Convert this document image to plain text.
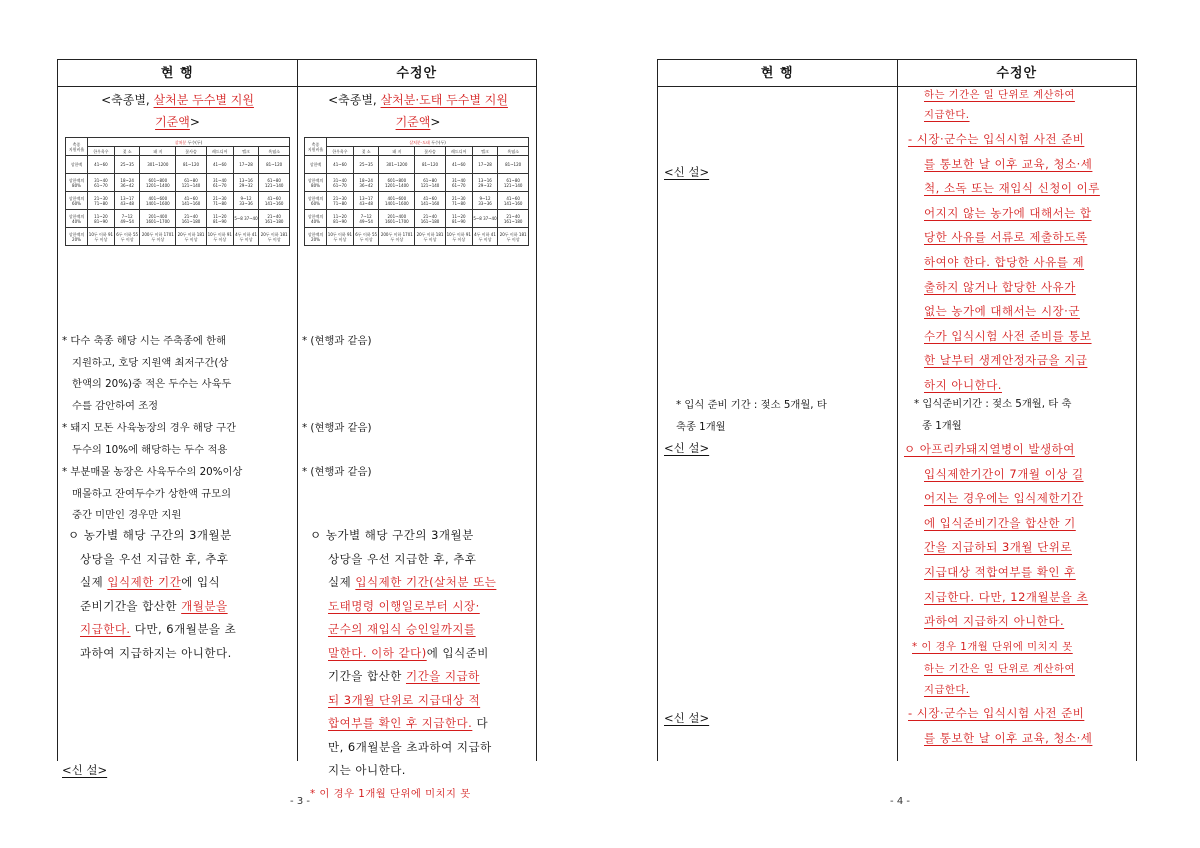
현 행	수정안
<축종별, 살처분 두수별 지원
기준액>
축종
지원비율	살처분 두수(두)						
	한우육우	젖 소	돼 지	꽃사슴	레드디어	엘크	흑염소
상한액	41~60	25~35	301~1200	81~120	41~60	17~28	81~120
상한액의 80%	31~40 61~70	18~24 36~42	601~800 1201~1400	61~80 121~140	31~40 61~70	13~16 29~32	61~80 121~140
상한액의 60%	21~30 71~80	13~17 43~48	401~600 1401~1600	41~60 141~160	21~30 71~80	9~12 33~36	41~60 141~160
상한액의 40%	11~20 81~90	7~12 49~54	201~400 1601~1700	21~40 161~180	11~20 81~90	5~8 37~40	21~40 161~180
상한액의 20%	10두 이하 91두 이상	6두 이하 55두 이상	200두 이하 1701두 이상	20두 이하 181두 이상	10두 이하 91두 이상	4두 이하 41두 이상	20두 이하 181두 이상
* 다수 축종 해당 시는 주축종에 한해
지원하고, 호당 지원액 최저구간(상
한액의 20%)중 적은 두수는 사육두
수를 감안하여 조정
* 돼지 모돈 사육농장의 경우 해당 구간
두수의 10%에 해당하는 두수 적용
* 부분매몰 농장은 사육두수의 20%이상
매몰하고 잔여두수가 상한액 규모의
중간 미만인 경우만 지원
ㅇ 농가별 해당 구간의 3개월분
상당을 우선 지급한 후, 추후
실제 입식제한 기간에 입식
준비기간을 합산한 개월분을
지급한다. 다만, 6개월분을 초
과하여 지급하지는 아니한다.
<신 설>
<축종별, 살처분·도태 두수별 지원
기준액>
축종
지원비율	살처분·도태 두수(두)						
	한우육우	젖 소	돼 지	꽃사슴	레드디어	엘크	흑염소
상한액	41~60	25~35	301~1200	81~120	41~60	17~28	81~120
상한액의 80%	31~40 61~70	18~24 36~42	601~800 1201~1400	61~80 121~140	31~40 61~70	13~16 29~32	61~80 121~140
상한액의 60%	21~30 71~80	13~17 43~48	401~600 1401~1600	41~60 141~160	21~30 71~80	9~12 33~36	41~60 141~160
상한액의 40%	11~20 81~90	7~12 49~54	201~400 1601~1700	21~40 161~180	11~20 81~90	5~8 37~40	21~40 161~180
상한액의 20%	10두 이하 91두 이상	6두 이하 55두 이상	200두 이하 1701두 이상	20두 이하 181두 이상	10두 이하 91두 이상	4두 이하 41두 이상	20두 이하 181두 이상
* (현행과 같음)
* (현행과 같음)
* (현행과 같음)
ㅇ 농가별 해당 구간의 3개월분
상당을 우선 지급한 후, 추후
실제 입식제한 기간(살처분 또는
도태명령 이행일로부터 시장·
군수의 재입식 승인일까지를
말한다. 이하 같다)에 입식준비
기간을 합산한 기간을 지급하
되 3개월 단위로 지급대상 적
합여부를 확인 후 지급한다. 다
만, 6개월분을 초과하여 지급하
지는 아니한다.
* 이 경우 1개월 단위에 미치지 못
- 3 -
현 행	수정안
<신 설>
* 입식 준비 기간 : 젖소 5개월, 타
축종 1개월
<신 설>
<신 설>
하는 기간은 일 단위로 계산하여
지급한다.
- 시장·군수는 입식시험 사전 준비
를 통보한 날 이후 교육, 청소·세
척, 소독 또는 재입식 신청이 이루
어지지 않는 농가에 대해서는 합
당한 사유를 서류로 제출하도록
하여야 한다. 합당한 사유를 제
출하지 않거나 합당한 사유가
없는 농가에 대해서는 시장·군
수가 입식시험 사전 준비를 통보
한 날부터 생계안정자금을 지급
하지 아니한다.
* 입식준비기간 : 젖소 5개월, 타 축
종 1개월
ㅇ 아프리카돼지열병이 발생하여
입식제한기간이 7개월 이상 길
어지는 경우에는 입식제한기간
에 입식준비기간을 합산한 기
간을 지급하되 3개월 단위로
지급대상 적합여부를 확인 후
지급한다. 다만, 12개월분을 초
과하여 지급하지 아니한다.
* 이 경우 1개월 단위에 미치지 못
하는 기간은 일 단위로 계산하여
지급한다.
- 시장·군수는 입식시험 사전 준비
를 통보한 날 이후 교육, 청소·세
- 4 -
